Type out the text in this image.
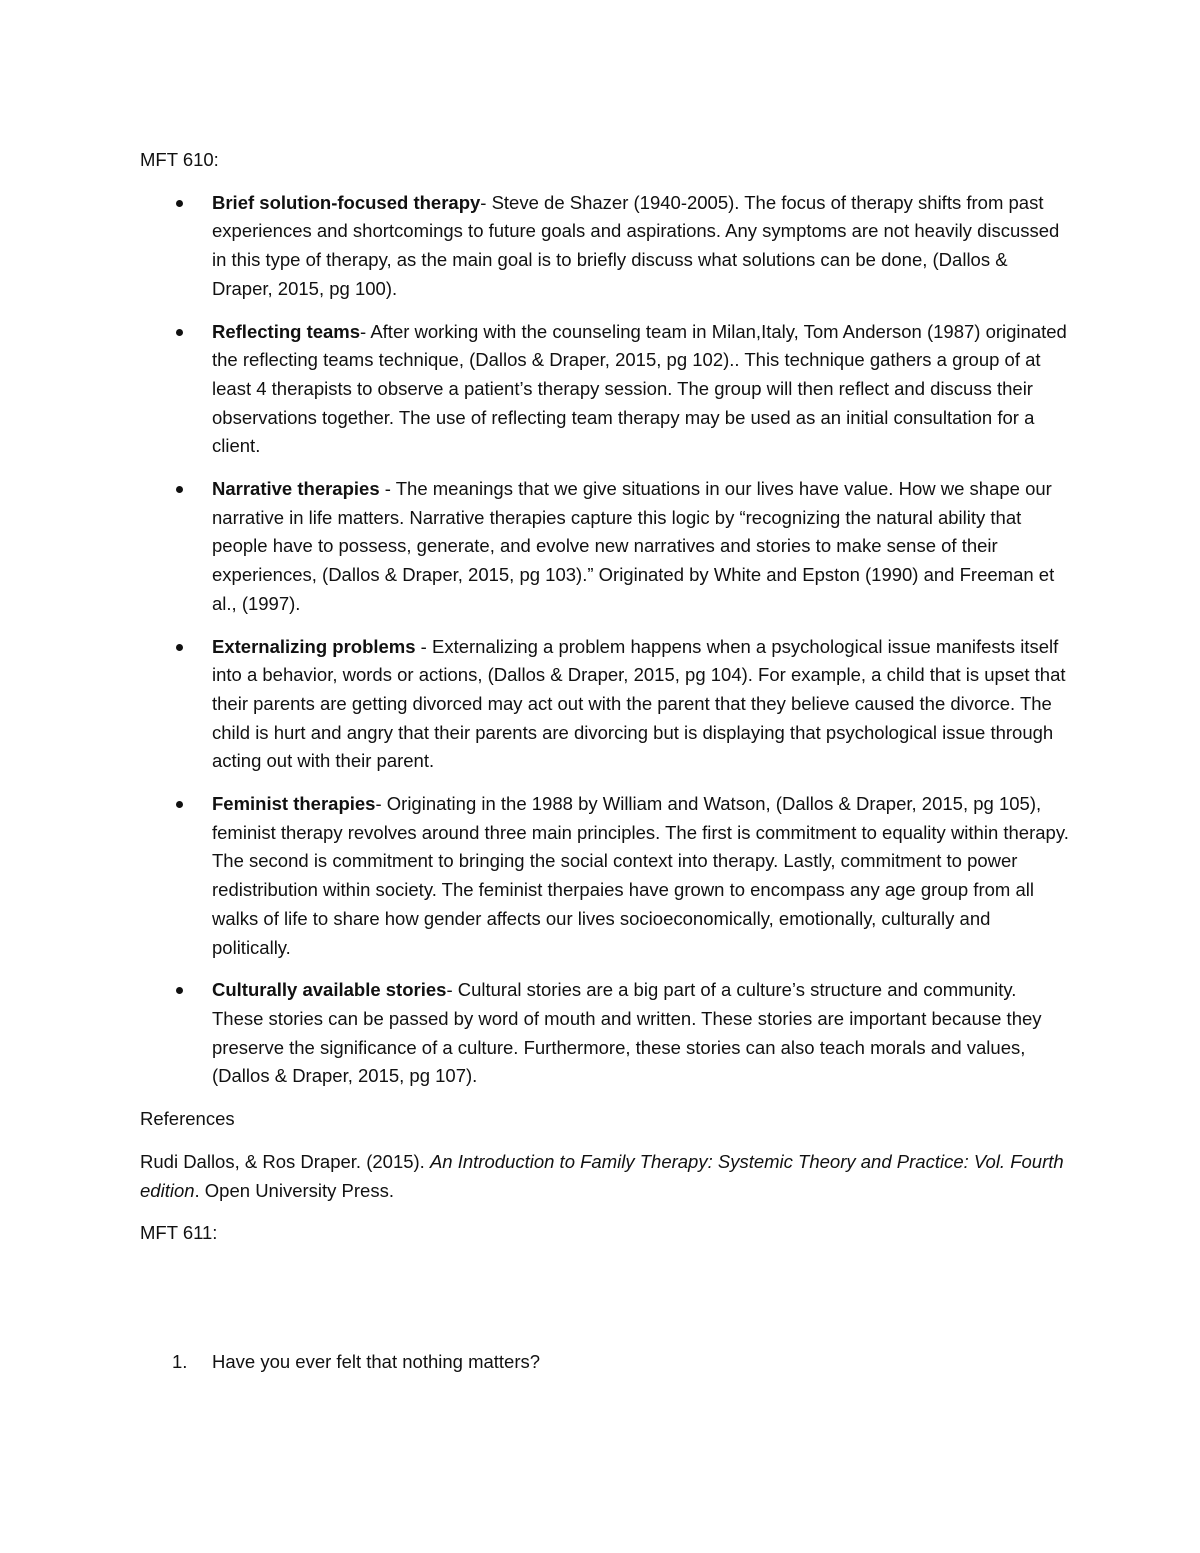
MFT 610:
Brief solution-focused therapy- Steve de Shazer (1940-2005). The focus of therapy shifts from past experiences and shortcomings to future goals and aspirations. Any symptoms are not heavily discussed in this type of therapy, as the main goal is to briefly discuss what solutions can be done, (Dallos & Draper, 2015, pg 100).
Reflecting teams- After working with the counseling team in Milan,Italy, Tom Anderson (1987) originated the reflecting teams technique, (Dallos & Draper, 2015, pg 102).. This technique gathers a group of at least 4 therapists to observe a patient’s therapy session. The group will then reflect and discuss their observations together. The use of reflecting team therapy may be used as an initial consultation for a client.
Narrative therapies - The meanings that we give situations in our lives have value. How we shape our narrative in life matters. Narrative therapies capture this logic by “recognizing the natural ability that people have to possess, generate, and evolve new narratives and stories to make sense of their experiences, (Dallos & Draper, 2015, pg 103).” Originated by White and Epston (1990) and Freeman et al., (1997).
Externalizing problems - Externalizing a problem happens when a psychological issue manifests itself into a behavior, words or actions, (Dallos & Draper, 2015, pg 104). For example, a child that is upset that their parents are getting divorced may act out with the parent that they believe caused the divorce. The child is hurt and angry that their parents are divorcing but is displaying that psychological issue through acting out with their parent.
Feminist therapies- Originating in the 1988 by William and Watson, (Dallos & Draper, 2015, pg 105), feminist therapy revolves around three main principles. The first is commitment to equality within therapy. The second is commitment to bringing the social context into therapy. Lastly, commitment to power redistribution within society. The feminist therpaies have grown to encompass any age group from all walks of life to share how gender affects our lives socioeconomically, emotionally, culturally and politically.
Culturally available stories- Cultural stories are a big part of a culture’s structure and community. These stories can be passed by word of mouth and written. These stories are important because they preserve the significance of a culture. Furthermore, these stories can also teach morals and values, (Dallos & Draper, 2015, pg 107).
References
Rudi Dallos, & Ros Draper. (2015). An Introduction to Family Therapy: Systemic Theory and Practice: Vol. Fourth edition. Open University Press.
MFT 611:
1. Have you ever felt that nothing matters?
